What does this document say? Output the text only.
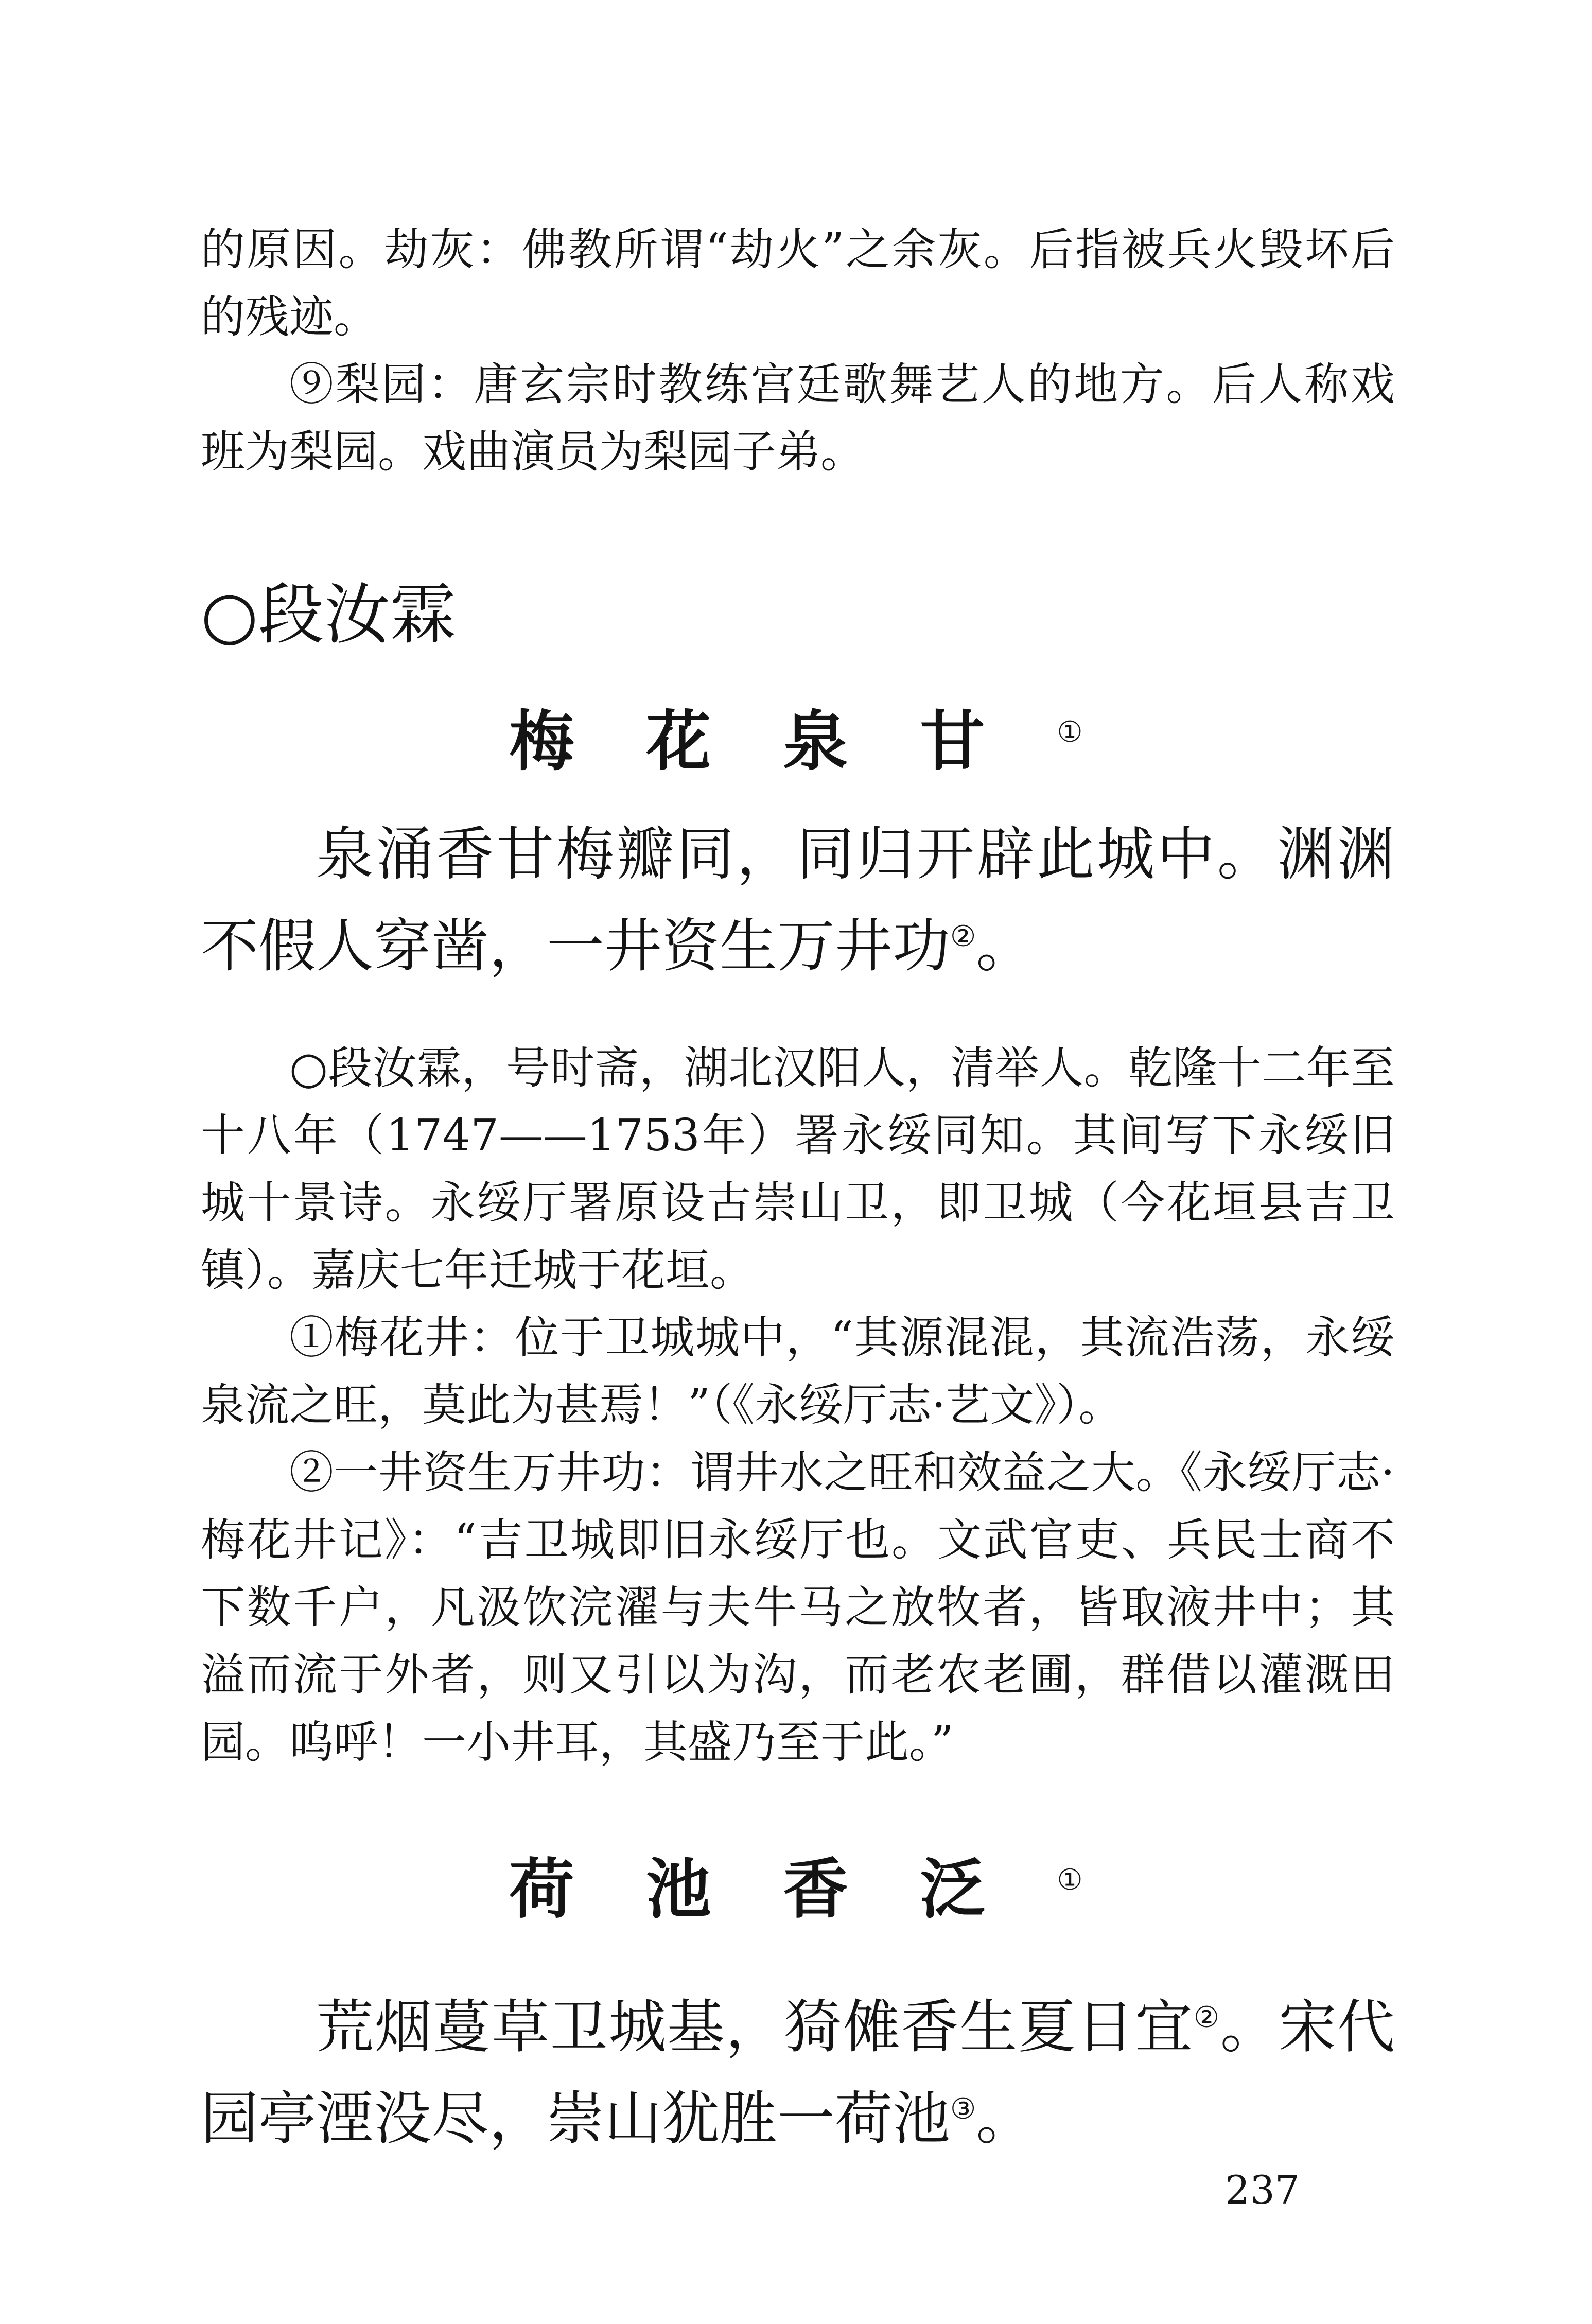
的原因。劫灰：佛教所谓“劫火”之余灰。后指被兵火毁坏后的残迹。

⑨梨园：唐玄宗时教练宫廷歌舞艺人的地方。后人称戏班为梨园。戏曲演员为梨园子弟。

○段汝霖

梅花泉甘①

泉涌香甘梅瓣同，同归开辟此城中。渊渊不假人穿凿，一井资生万井功②。

○段汝霖，号时斋，湖北汉阳人，清举人。乾隆十二年至十八年（1747——1753年）署永绥同知。其间写下永绥旧城十景诗。永绥厅署原设古崇山卫，即卫城（今花垣县吉卫镇）。嘉庆七年迁城于花垣。

①梅花井：位于卫城城中，“其源混混，其流浩荡，永绥泉流之旺，莫此为甚焉！”（《永绥厅志·艺文》）。

②一井资生万井功：谓井水之旺和效益之大。《永绥厅志·梅花井记》：“吉卫城即旧永绥厅也。文武官吏、兵民士商不下数千户，凡汲饮浣濯与夫牛马之放牧者，皆取液井中；其溢而流于外者，则又引以为沟，而老农老圃，群借以灌溉田园。呜呼！一小井耳，其盛乃至于此。”

荷池香泛①

荒烟蔓草卫城基，猗傩香生夏日宜②。宋代园亭湮没尽，崇山犹胜一荷池③。

237
